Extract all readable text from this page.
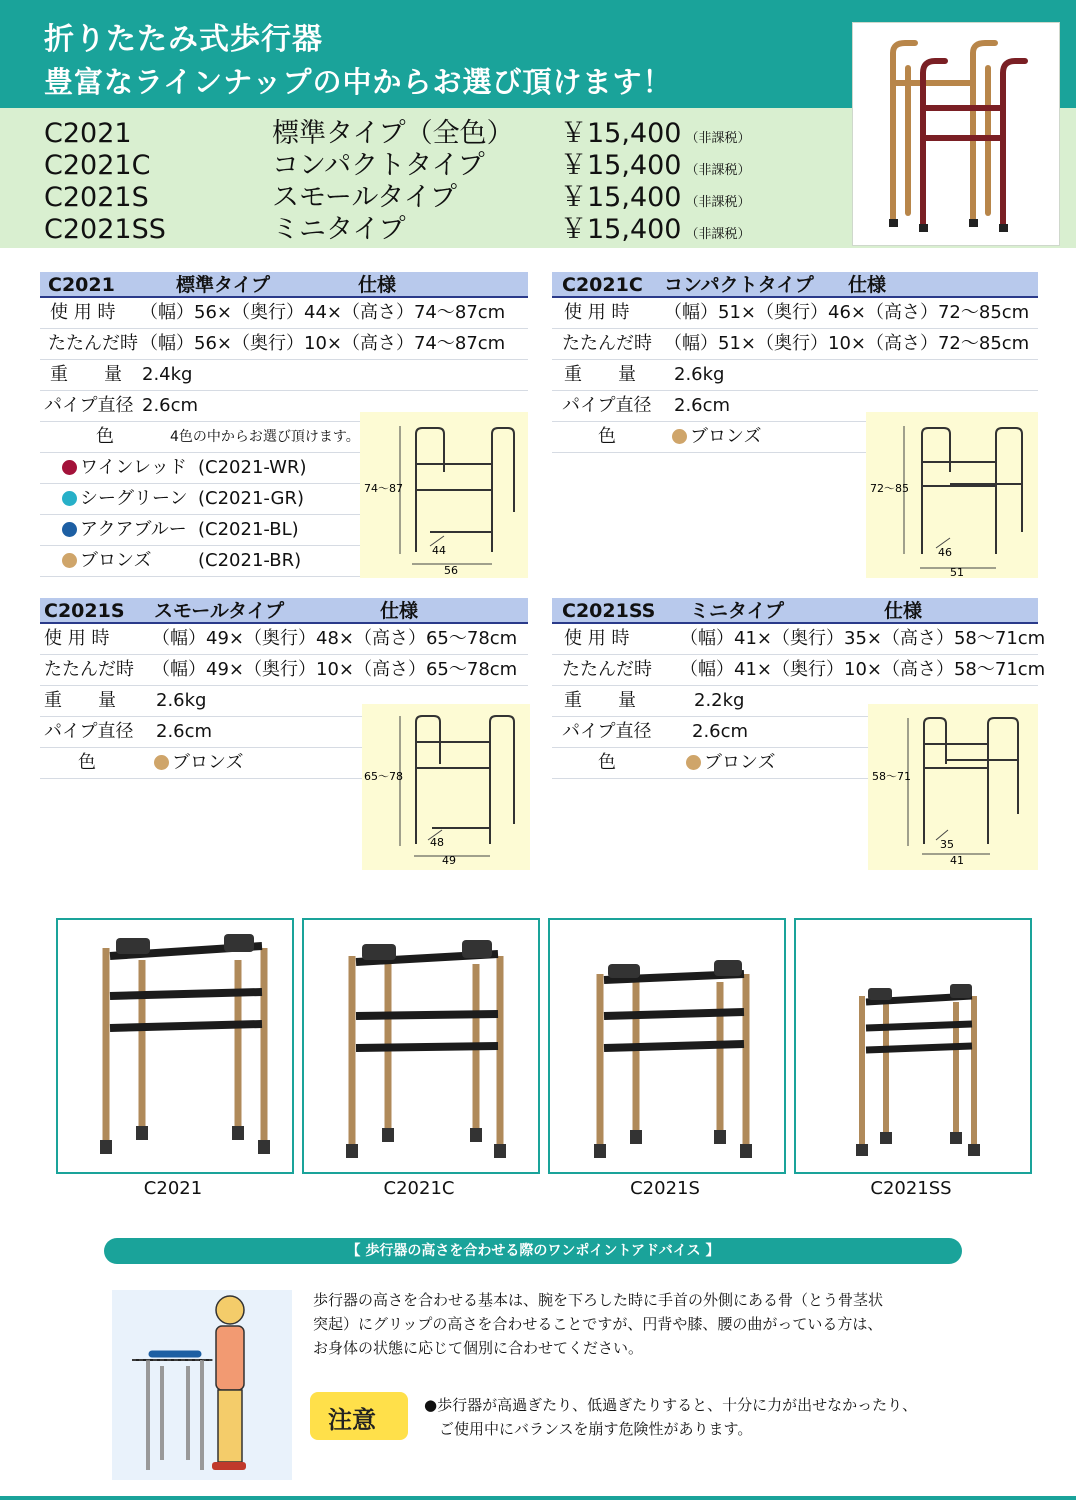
折りたたみ式歩行器
豊富なラインナップの中からお選び頂けます！
C2021	標準タイプ（全色）	￥15,400 （非課税）
C2021C	コンパクトタイプ	￥15,400 （非課税）
C2021S	スモールタイプ	￥15,400 （非課税）
C2021SS	ミニタイプ	￥15,400 （非課税）
C2021	標準タイプ	仕様
使 用 時 （幅）56×（奥行）44×（高さ）74～87cm
たたんだ時 （幅）56×（奥行）10×（高さ）74～87cm
重　　量 2.4kg
パイプ直径 2.6cm
色	4色の中からお選び頂けます。
ワインレッド (C2021-WR)
シーグリーン (C2021-GR)
アクアブルー (C2021-BL)
ブロンズ	(C2021-BR)
74～87
44
56
C2021C コンパクトタイプ 仕様
使 用 時 （幅）51×（奥行）46×（高さ）72～85cm
たたんだ時 （幅）51×（奥行）10×（高さ）72～85cm
重　　量 2.6kg
パイプ直径 2.6cm
色	ブロンズ
72～85
46
51
C2021S スモールタイプ	仕様
使 用 時 （幅）49×（奥行）48×（高さ）65～78cm
たたんだ時 （幅）49×（奥行）10×（高さ）65～78cm
重　　量 2.6kg
パイプ直径 2.6cm
色	ブロンズ
65～78
48
49
C2021SS ミニタイプ	仕様
使 用 時	（幅）41×（奥行）35×（高さ）58～71cm
たたんだ時 （幅）41×（奥行）10×（高さ）58～71cm
重　　量	2.2kg
パイプ直径 2.6cm
色	ブロンズ
58～71
35
41
C2021	C2021C	C2021S	C2021SS
【 歩行器の高さを合わせる際のワンポイントアドバイス 】
歩行器の高さを合わせる基本は、腕を下ろした時に手首の外側にある骨（とう骨茎状
突起）にグリップの高さを合わせることですが、円背や膝、腰の曲がっている方は、
お身体の状態に応じて個別に合わせてください。
注意
●歩行器が高過ぎたり、低過ぎたりすると、十分に力が出せなかったり、
　ご使用中にバランスを崩す危険性があります。
